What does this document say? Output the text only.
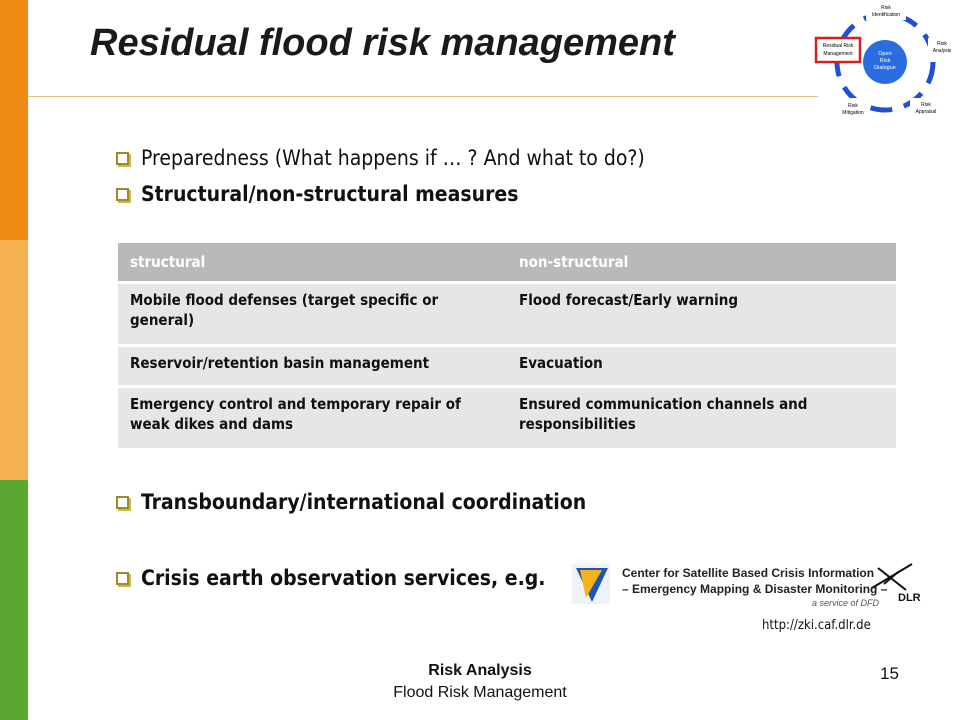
Residual flood risk management	Open
Risk
Dialogue
Risk
Identification
Risk
Analysis
Risk
Appraisal
Risk
Mitigation
Residual Risk
Management
Preparedness (What happens if … ? And what to do?)
Structural/non-structural measures
structural	non-structural
Mobile flood defenses (target specific or general)	Flood forecast/Early warning
Reservoir/retention basin management	Evacuation
Emergency control and temporary repair of weak dikes and dams	Ensured communication channels and responsibilities
Transboundary/international coordination
Crisis earth observation services, e.g.	Center for Satellite Based Crisis Information
– Emergency Mapping & Disaster Monitoring –
a service of DFD DLR
http://zki.caf.dlr.de
Risk Analysis
Flood Risk Management
15
